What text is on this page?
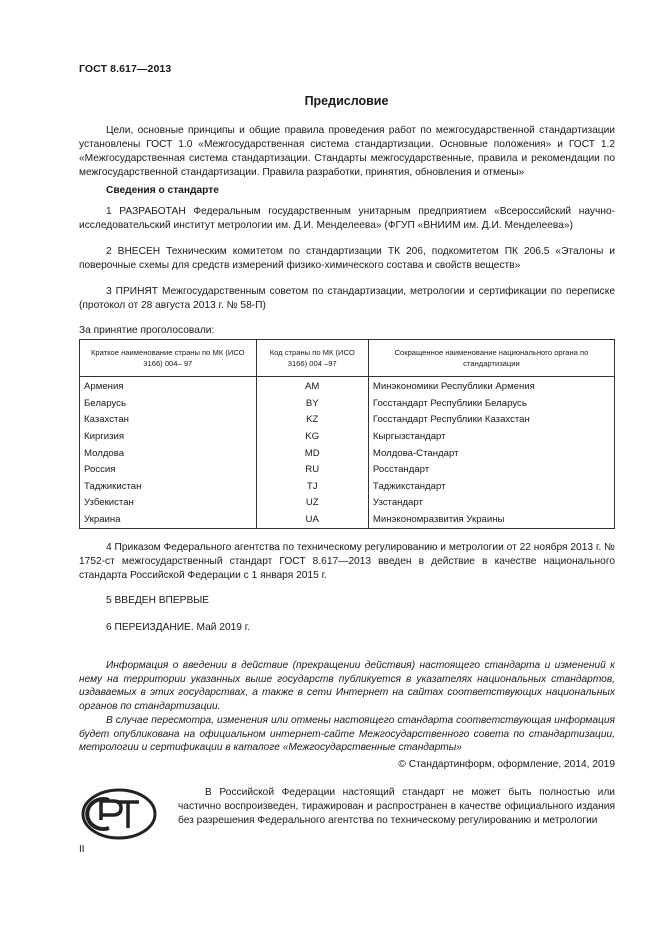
ГОСТ 8.617—2013
Предисловие
Цели, основные принципы и общие правила проведения работ по межгосударственной стандартизации установлены ГОСТ 1.0 «Межгосударственная система стандартизации. Основные положения» и ГОСТ 1.2 «Межгосударственная система стандартизации. Стандарты межгосударственные, правила и рекомендации по межгосударственной стандартизации. Правила разработки, принятия, обновления и отмены»
Сведения о стандарте
1 РАЗРАБОТАН Федеральным государственным унитарным предприятием «Всероссийский научно-исследовательский институт метрологии им. Д.И. Менделеева» (ФГУП «ВНИИМ им. Д.И. Менделеева»)
2 ВНЕСЕН Техническим комитетом по стандартизации ТК 206, подкомитетом ПК 206.5 «Эталоны и поверочные схемы для средств измерений физико-химического состава и свойств веществ»
3 ПРИНЯТ Межгосударственным советом по стандартизации, метрологии и сертификации по переписке (протокол от 28 августа 2013 г. № 58-П)
За принятие проголосовали:
Краткое наименование страны по МК (ИСО 3166) 004– 97	Код страны по МК (ИСО 3166) 004 –97	Сокращенное наименование национального органа по стандартизации
Армения	AM	Минэкономики Республики Армения
Беларусь	BY	Госстандарт Республики Беларусь
Казахстан	KZ	Госстандарт Республики Казахстан
Киргизия	KG	Кыргызстандарт
Молдова	MD	Молдова-Стандарт
Россия	RU	Росстандарт
Таджикистан	TJ	Таджикстандарт
Узбекистан	UZ	Узстандарт
Украина	UA	Минэкономразвития Украины
4 Приказом Федерального агентства по техническому регулированию и метрологии от 22 ноября 2013 г. № 1752-ст межгосударственный стандарт ГОСТ 8.617—2013 введен в действие в качестве национального стандарта Российской Федерации с 1 января 2015 г.
5 ВВЕДЕН ВПЕРВЫЕ
6 ПЕРЕИЗДАНИЕ. Май 2019 г.
Информация о введении в действие (прекращении действия) настоящего стандарта и изменений к нему на территории указанных выше государств публикуется в указателях национальных стандартов, издаваемых в этих государствах, а также в сети Интернет на сайтах соответствующих национальных органов по стандартизации.
В случае пересмотра, изменения или отмены настоящего стандарта соответствующая информация будет опубликована на официальном интернет-сайте Межгосударственного совета по стандартизации, метрологии и сертификации в каталоге «Межгосударственные стандарты»
© Стандартинформ, оформление, 2014, 2019
В Российской Федерации настоящий стандарт не может быть полностью или частично воспроизведен, тиражирован и распространен в качестве официального издания без разрешения Федерального агентства по техническому регулированию и метрологии
II
